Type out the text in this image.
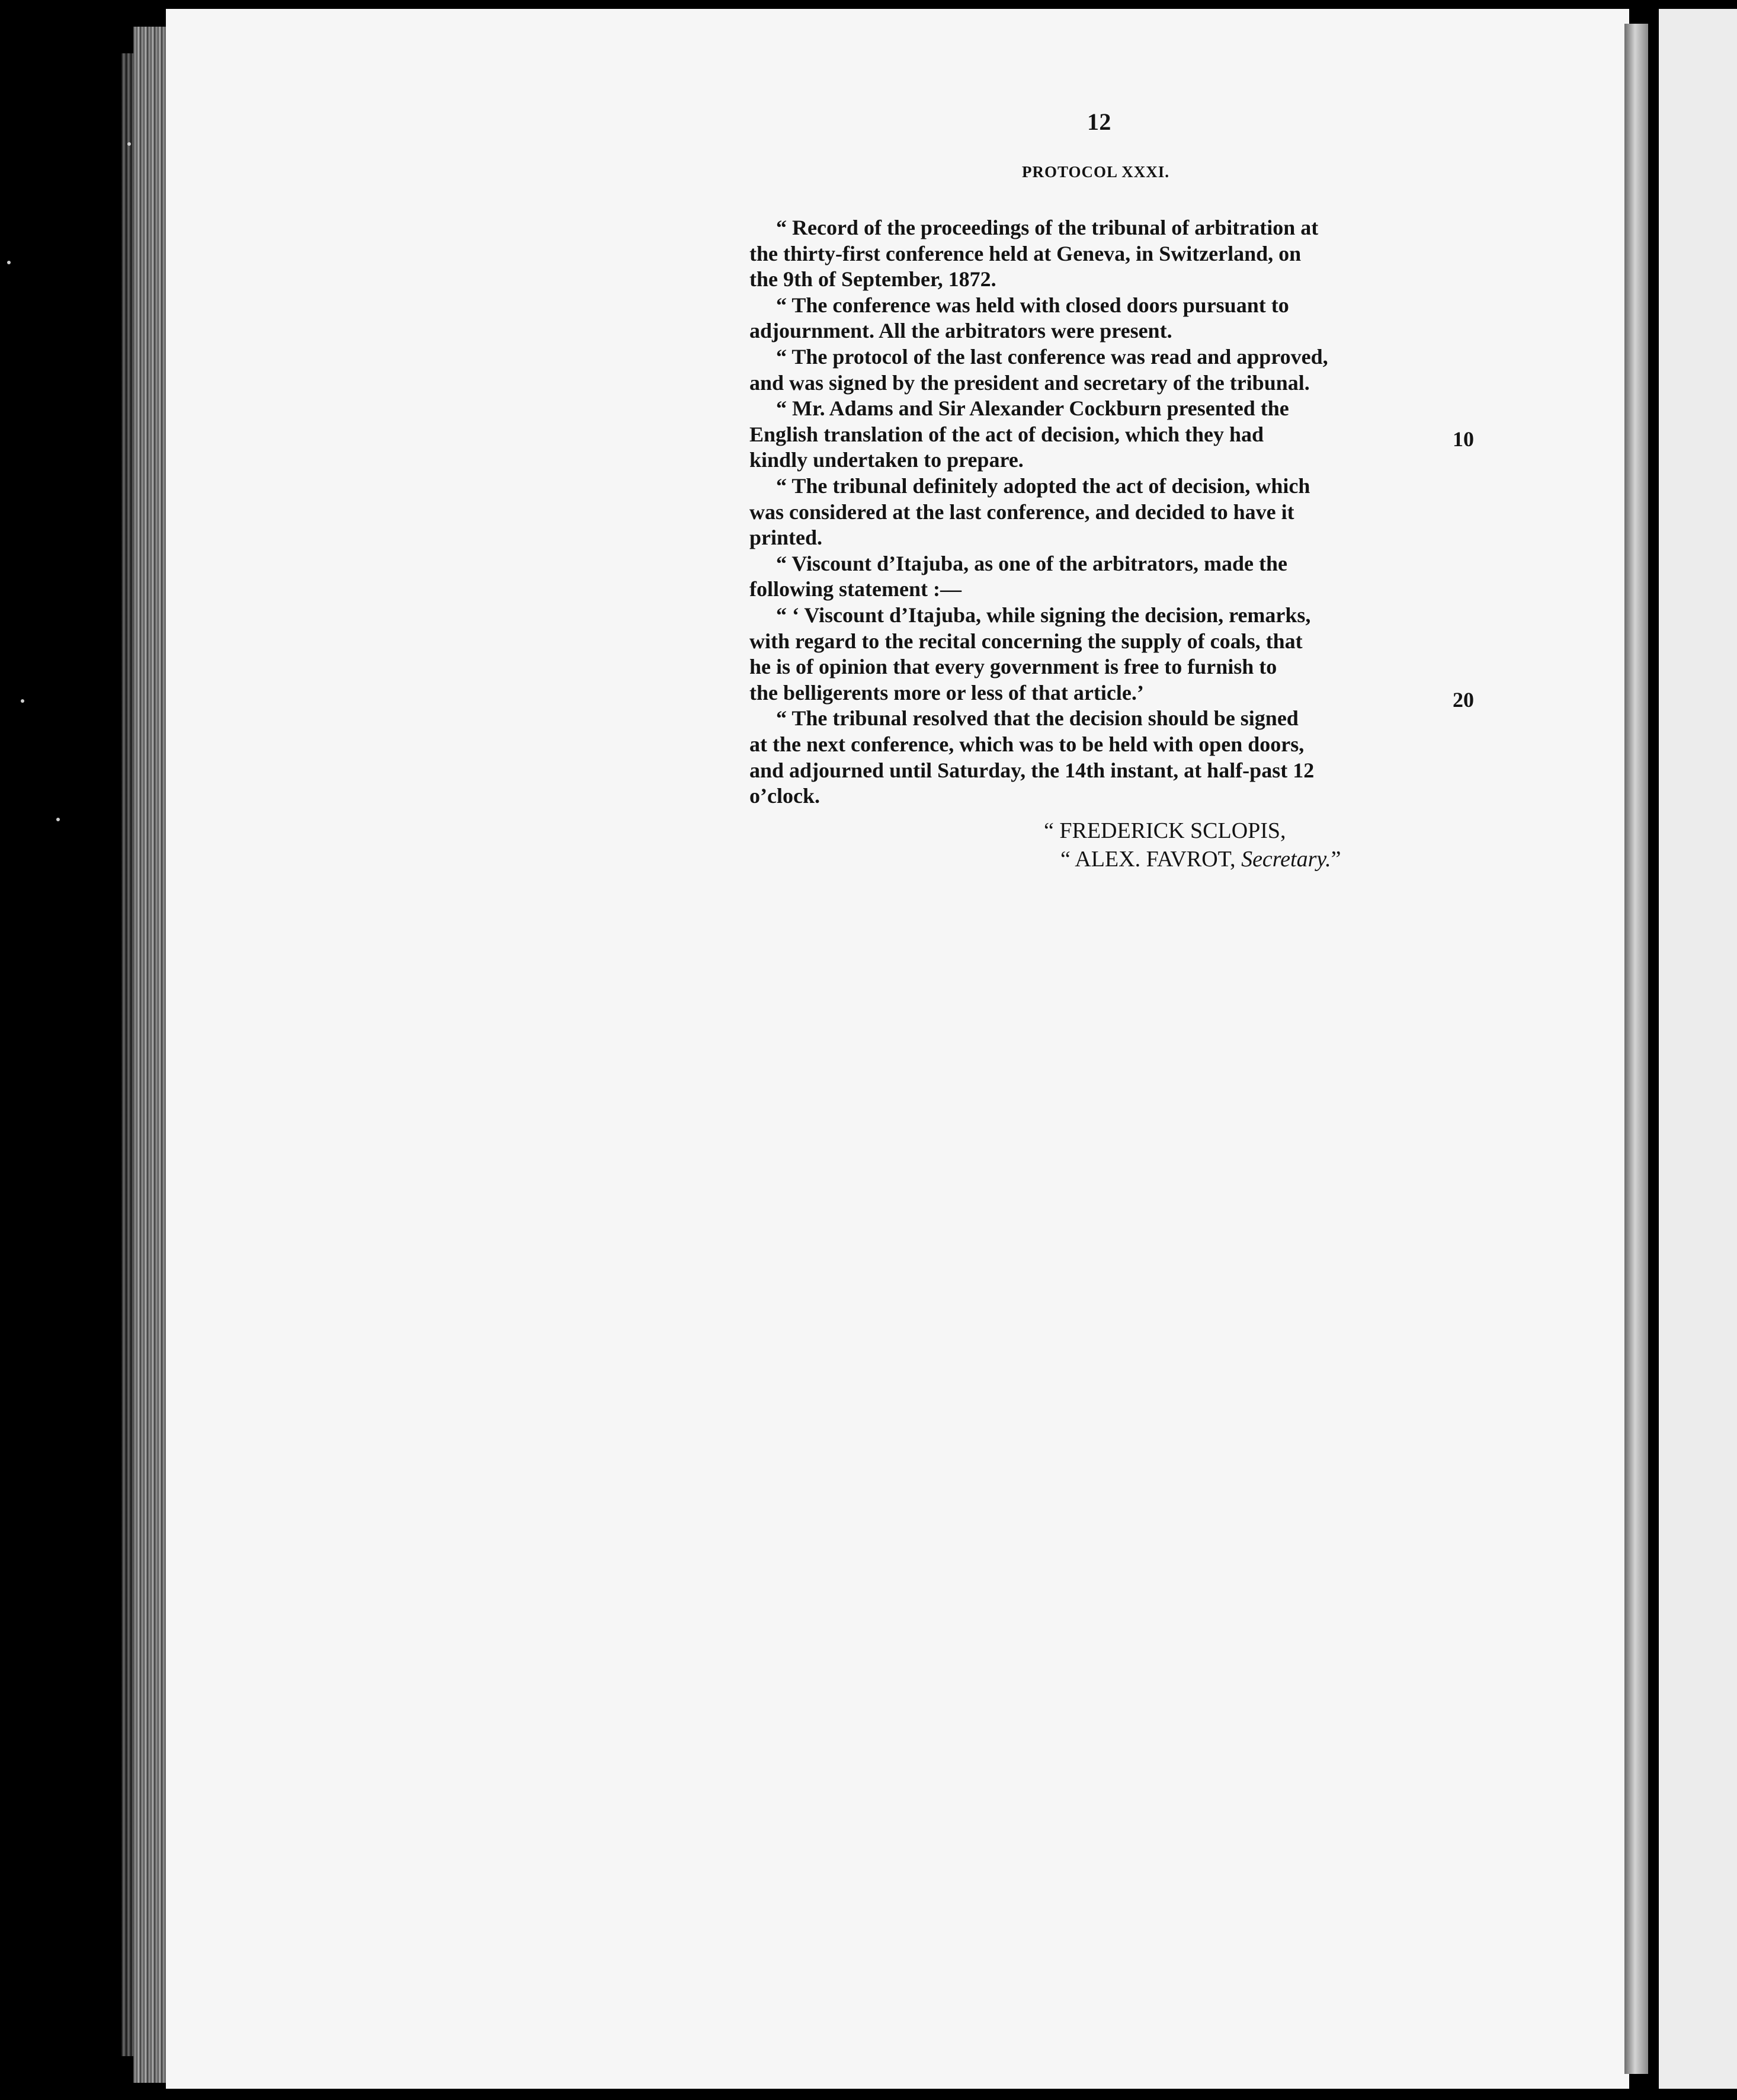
12
PROTOCOL XXXI.
“ Record of the proceedings of the tribunal of arbitration at
the thirty-first conference held at Geneva, in Switzerland, on
the 9th of September, 1872.
“ The conference was held with closed doors pursuant to
adjournment. All the arbitrators were present.
“ The protocol of the last conference was read and approved,
and was signed by the president and secretary of the tribunal.
“ Mr. Adams and Sir Alexander Cockburn presented the
English translation of the act of decision, which they had
kindly undertaken to prepare.
“ The tribunal definitely adopted the act of decision, which
was considered at the last conference, and decided to have it
printed.
“ Viscount d’Itajuba, as one of the arbitrators, made the
following statement :—
“ ‘ Viscount d’Itajuba, while signing the decision, remarks,
with regard to the recital concerning the supply of coals, that
he is of opinion that every government is free to furnish to
the belligerents more or less of that article.’
“ The tribunal resolved that the decision should be signed
at the next conference, which was to be held with open doors,
and adjourned until Saturday, the 14th instant, at half-past 12
o’clock.
10
20
“ FREDERICK SCLOPIS,
“ ALEX. FAVROT, Secretary.”
